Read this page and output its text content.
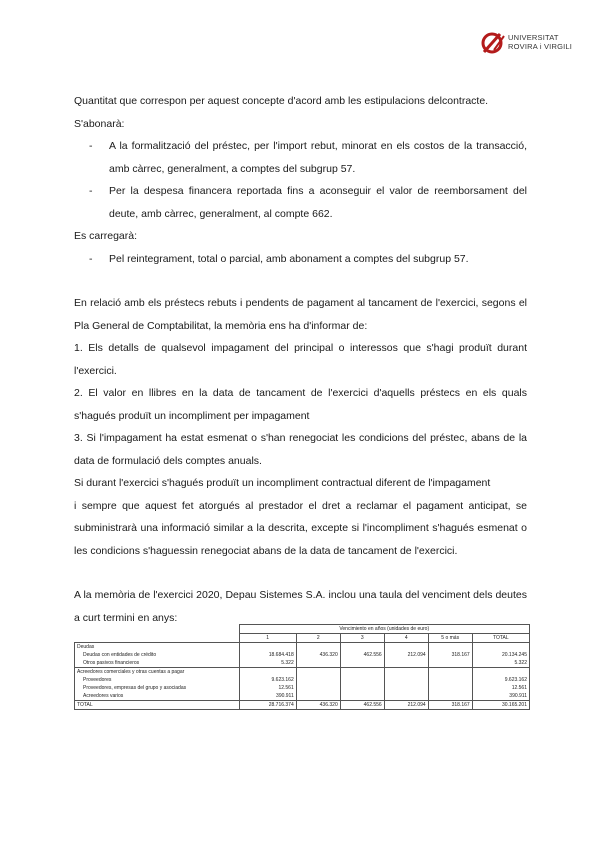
UNIVERSITAT
ROVIRA i VIRGILI

Quantitat que correspon per aquest concepte d'acord amb les estipulacions delcontracte.

S'abonarà:

- A la formalització del préstec, per l'import rebut, minorat en els costos de la transacció, amb càrrec, generalment, a comptes del subgrup 57.

- Per la despesa financera reportada fins a aconseguir el valor de reemborsament del deute, amb càrrec, generalment, al compte 662.

Es carregarà:

- Pel reintegrament, total o parcial, amb abonament a comptes del subgrup 57.

En relació amb els préstecs rebuts i pendents de pagament al tancament de l'exercici, segons el Pla General de Comptabilitat, la memòria ens ha d'informar de:

1. Els detalls de qualsevol impagament del principal o interessos que s'hagi produït durant l'exercici.

2. El valor en llibres en la data de tancament de l'exercici d'aquells préstecs en els quals s'hagués produït un incompliment per impagament

3. Si l'impagament ha estat esmenat o s'han renegociat les condicions del préstec, abans de la data de formulació dels comptes anuals.

Si durant l'exercici s'hagués produït un incompliment contractual diferent de l'impagament

i sempre que aquest fet atorgués al prestador el dret a reclamar el pagament anticipat, se subministrarà una informació similar a la descrita, excepte si l'incompliment s'hagués esmenat o les condicions s'haguessin renegociat abans de la data de tancament de l'exercici.

A la memòria de l'exercici 2020, Depau Sistemes S.A. inclou una taula del venciment dels deutes a curt termini en anys:

	Vencimiento en años (unidades de euro)					
	1	2	3	4	5 o más	TOTAL
Deudas						
Deudas con entidades de crédito	18.684.418	436.320	462.556	212.094	318.167	20.134.245
Otros pasivos financieros	5.322					5.322
Acreedores comerciales y otras cuentas a pagar						
Proveedores	9.623.162					9.623.162
Proveedores, empresas del grupo y asociadas	12.561					12.561
Acreedores varios	390.911					390.911
TOTAL	28.716.374	436.320	462.556	212.094	318.167	30.165.201
